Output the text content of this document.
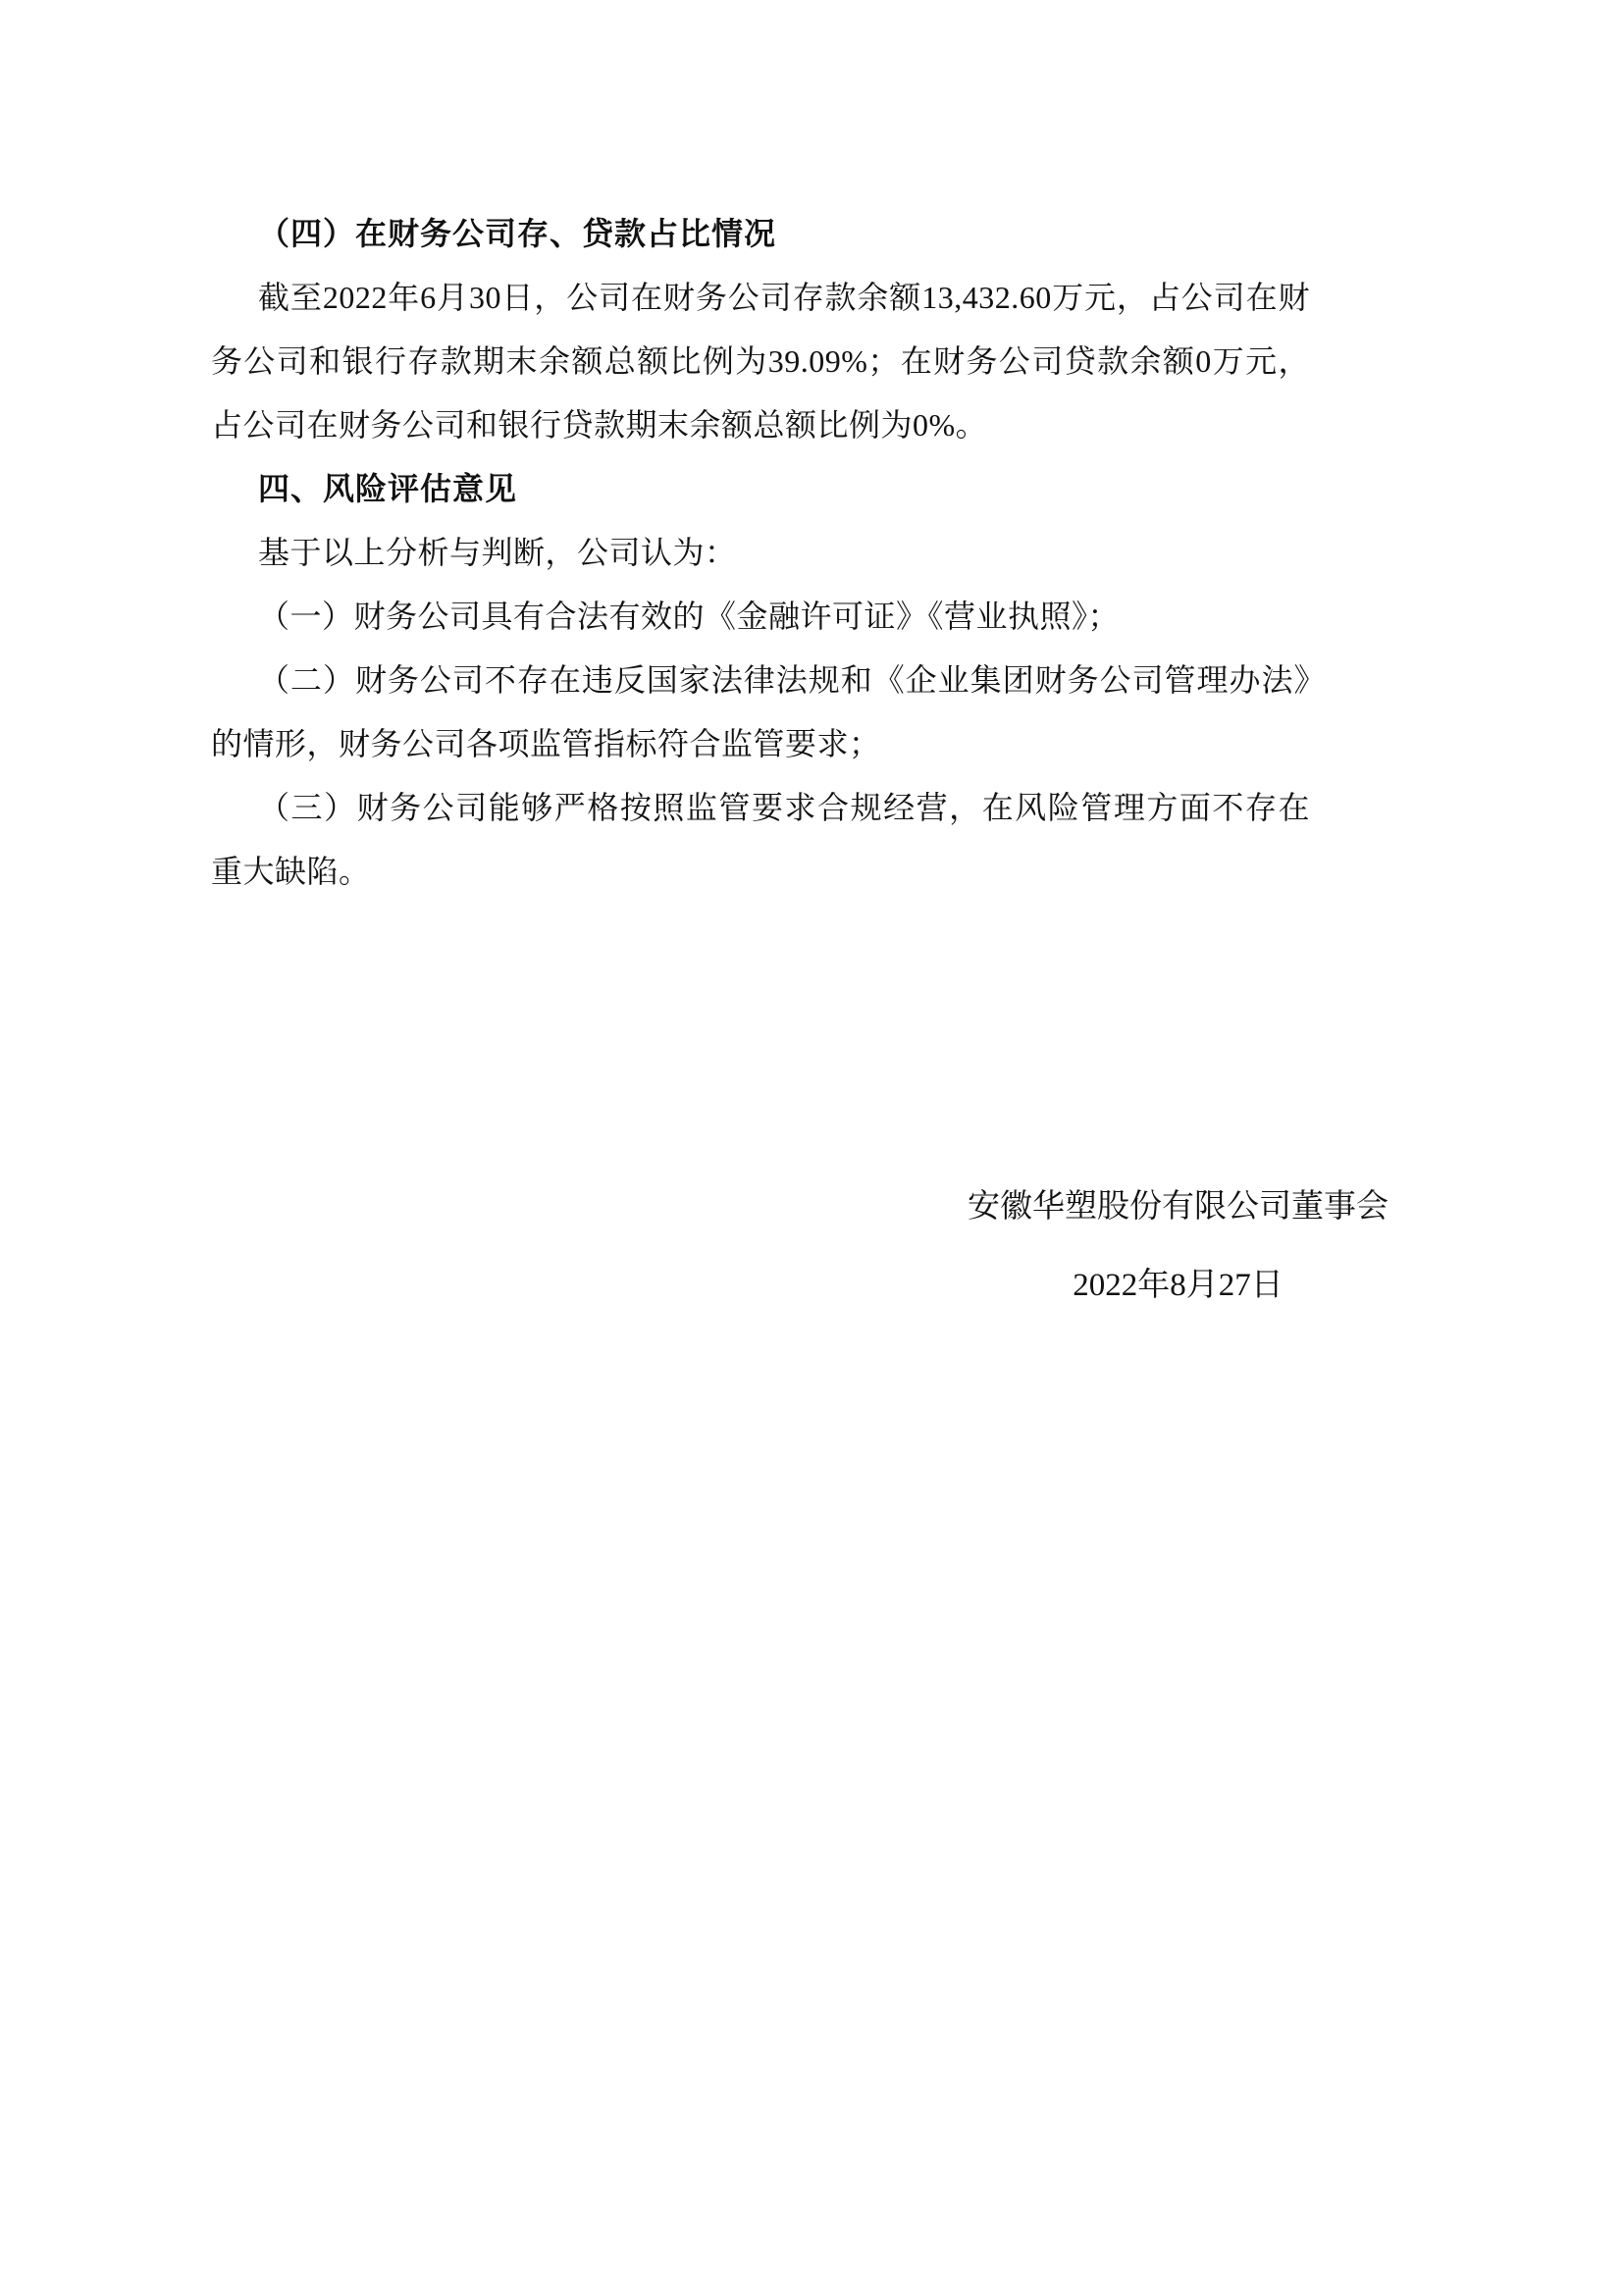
（四）在财务公司存、贷款占比情况

截至2022年6月30日，公司在财务公司存款余额13,432.60万元，占公司在财务公司和银行存款期末余额总额比例为39.09%；在财务公司贷款余额0万元，占公司在财务公司和银行贷款期末余额总额比例为0%。

四、风险评估意见

基于以上分析与判断，公司认为：

（一）财务公司具有合法有效的《金融许可证》《营业执照》；

（二）财务公司不存在违反国家法律法规和《企业集团财务公司管理办法》的情形，财务公司各项监管指标符合监管要求；

（三）财务公司能够严格按照监管要求合规经营，在风险管理方面不存在重大缺陷。

安徽华塑股份有限公司董事会
2022年8月27日
